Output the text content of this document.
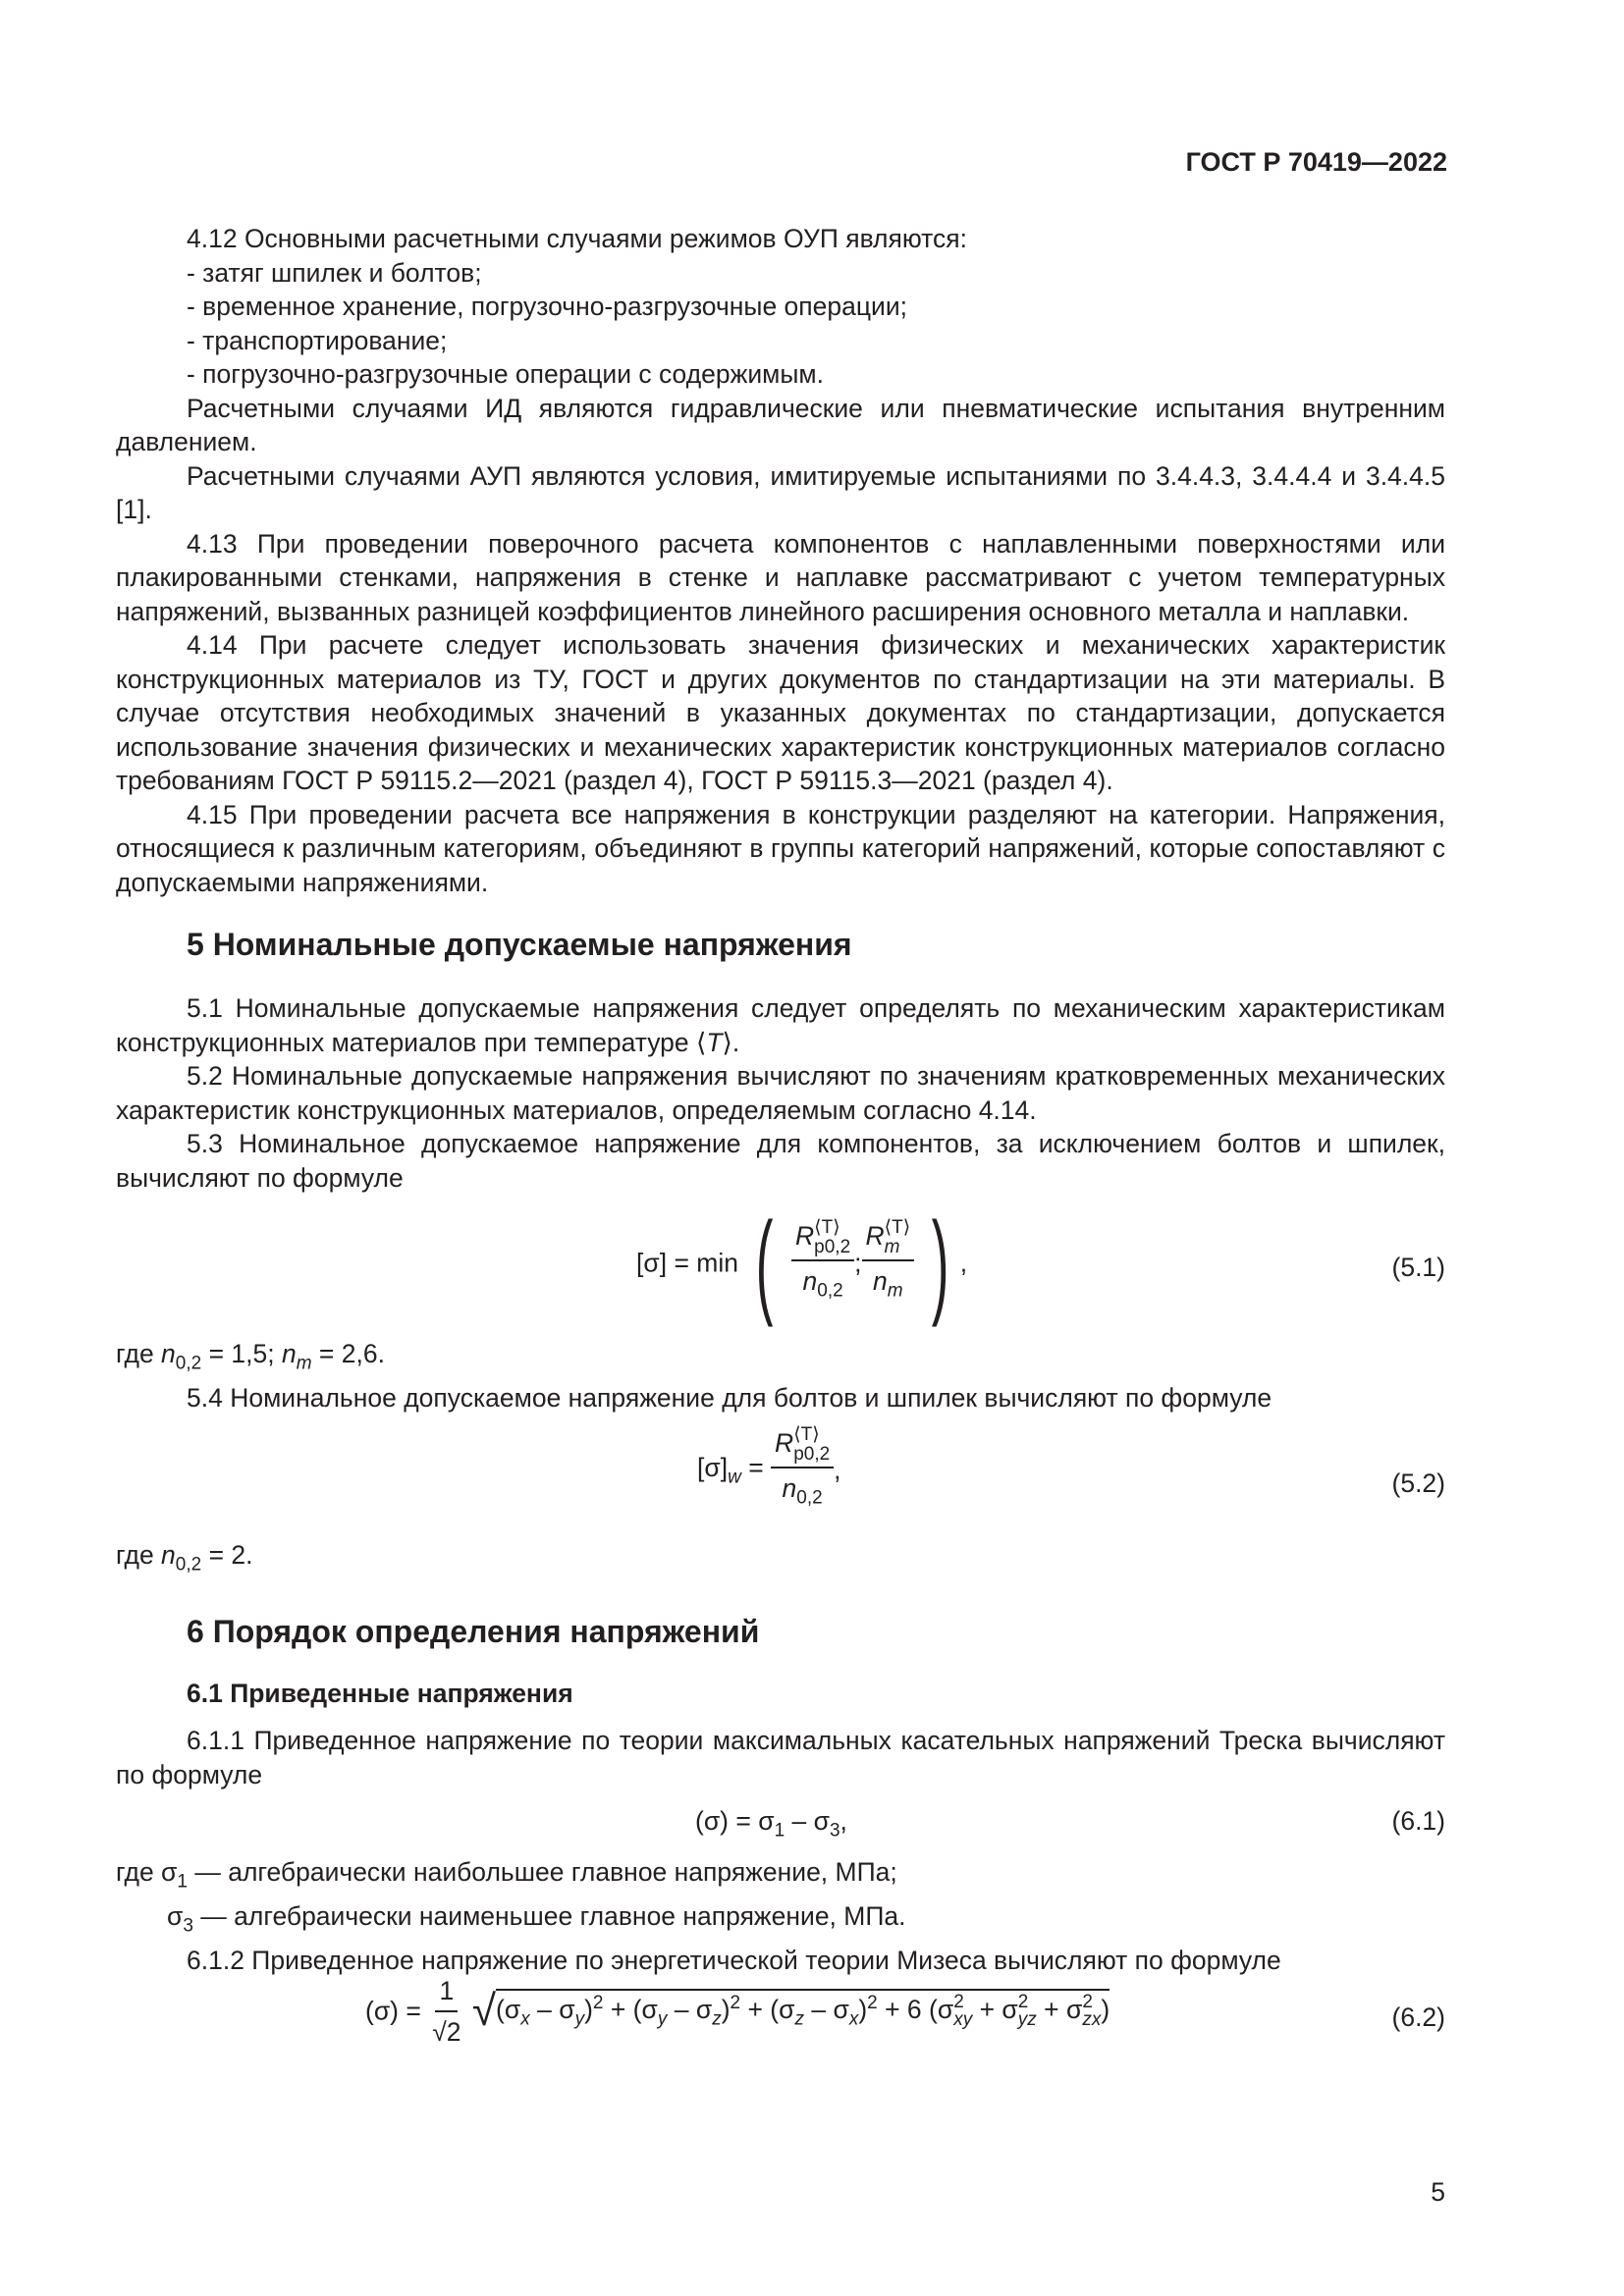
ГОСТ Р 70419—2022

4.12 Основными расчетными случаями режимов ОУП являются:

- затяг шпилек и болтов;

- временное хранение, погрузочно-разгрузочные операции;

- транспортирование;

- погрузочно-разгрузочные операции с содержимым.

Расчетными случаями ИД являются гидравлические или пневматические испытания внутренним давлением.

Расчетными случаями АУП являются условия, имитируемые испытаниями по 3.4.4.3, 3.4.4.4 и 3.4.4.5 [1].

4.13 При проведении поверочного расчета компонентов с наплавленными поверхностями или плакированными стенками, напряжения в стенке и наплавке рассматривают с учетом температурных напряжений, вызванных разницей коэффициентов линейного расширения основного металла и наплавки.

4.14 При расчете следует использовать значения физических и механических характеристик конструкционных материалов из ТУ, ГОСТ и других документов по стандартизации на эти материалы. В случае отсутствия необходимых значений в указанных документах по стандартизации, допускается использование значения физических и механических характеристик конструкционных материалов согласно требованиям ГОСТ Р 59115.2—2021 (раздел 4), ГОСТ Р 59115.3—2021 (раздел 4).

4.15 При проведении расчета все напряжения в конструкции разделяют на категории. Напряжения, относящиеся к различным категориям, объединяют в группы категорий напряжений, которые сопоставляют с допускаемыми напряжениями.

5 Номинальные допускаемые напряжения

5.1 Номинальные допускаемые напряжения следует определять по механическим характеристикам конструкционных материалов при температуре ⟨T⟩.

5.2 Номинальные допускаемые напряжения вычисляют по значениям кратковременных механических характеристик конструкционных материалов, определяемым согласно 4.14.

5.3 Номинальное допускаемое напряжение для компонентов, за исключением болтов и шпилек, вычисляют по формуле

[σ] = min ( R ⟨T⟩
p0,2
$n_{0,2}$ ; R ⟨T⟩
m
$n_m$ ) ,	(5.1)

где $n_{0,2} = 1,5$; $n_m = 2,6$.

5.4 Номинальное допускаемое напряжение для болтов и шпилек вычисляют по формуле

$[\sigma]_w = R$ ⟨T⟩
p0,2
$n_{0,2}$ ,	(5.2)

где $n_{0,2} = 2$.

6 Порядок определения напряжений

6.1 Приведенные напряжения

6.1.1 Приведенное напряжение по теории максимальных касательных напряжений Треска вычисляют по формуле

$(\sigma) = \sigma_1 - \sigma_3$,	(6.1)

где $\sigma_1$ — алгебраически наибольшее главное напряжение, МПа;

$\sigma_3$ — алгебраически наименьшее главное напряжение, МПа.

6.1.2 Приведенное напряжение по энергетической теории Мизеса вычисляют по формуле

$(\sigma) = \frac{1}{√2} √(\sigma_x - \sigma_y)^2 + (\sigma_y - \sigma_z)^2 + (\sigma_z - \sigma_x)^2 + 6$ (σ 2
xy + σ 2
yz + σ 2
zx )	(6.2)
5
